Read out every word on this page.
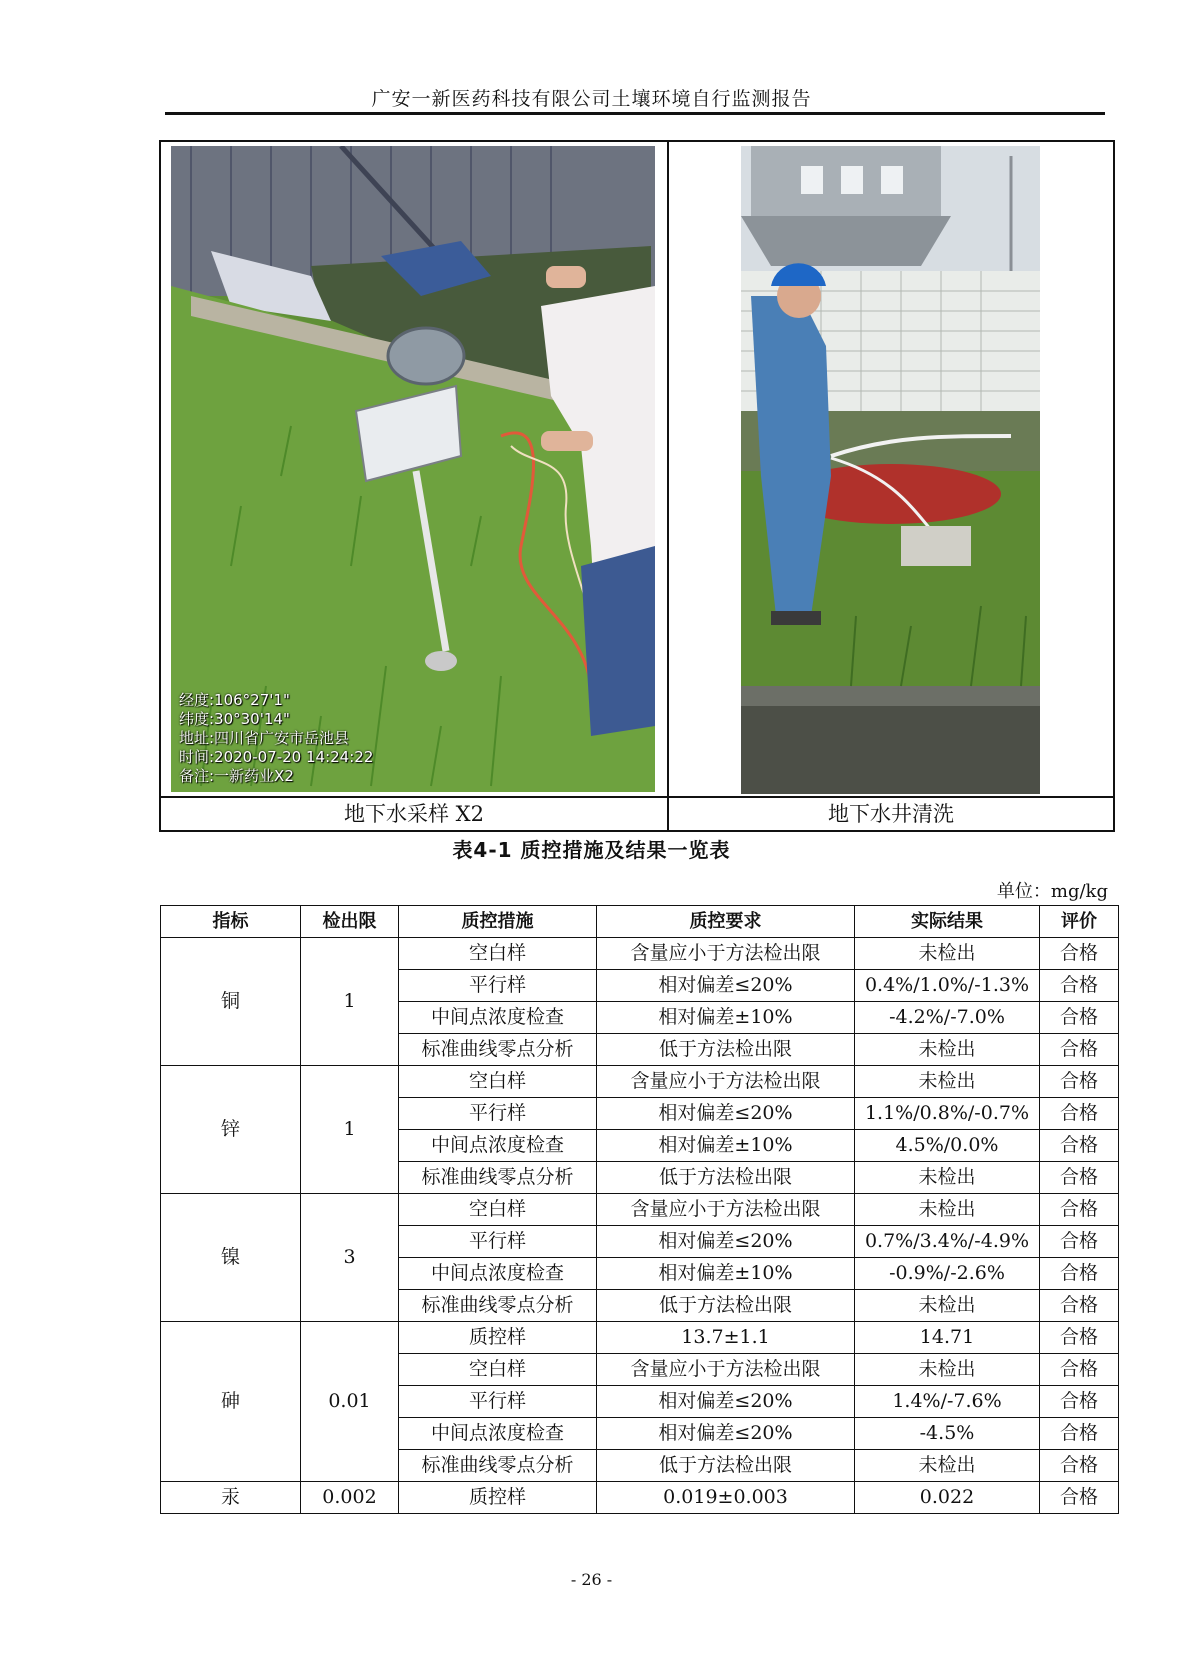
广安一新医药科技有限公司土壤环境自行监测报告
经度:106°27'1"
纬度:30°30'14"
地址:四川省广安市岳池县
时间:2020-07-20 14:24:22
备注:一新药业X2
地下水采样 X2	地下水井清洗
表4-1 质控措施及结果一览表
单位：mg/kg
指标	检出限	质控措施	质控要求	实际结果	评价
铜	1	空白样	含量应小于方法检出限	未检出	合格
		平行样	相对偏差≤20%	0.4%/1.0%/-1.3%	合格
		中间点浓度检查	相对偏差±10%	-4.2%/-7.0%	合格
		标准曲线零点分析	低于方法检出限	未检出	合格
锌	1	空白样	含量应小于方法检出限	未检出	合格
		平行样	相对偏差≤20%	1.1%/0.8%/-0.7%	合格
		中间点浓度检查	相对偏差±10%	4.5%/0.0%	合格
		标准曲线零点分析	低于方法检出限	未检出	合格
镍	3	空白样	含量应小于方法检出限	未检出	合格
		平行样	相对偏差≤20%	0.7%/3.4%/-4.9%	合格
		中间点浓度检查	相对偏差±10%	-0.9%/-2.6%	合格
		标准曲线零点分析	低于方法检出限	未检出	合格
砷	0.01	质控样	13.7±1.1	14.71	合格
		空白样	含量应小于方法检出限	未检出	合格
		平行样	相对偏差≤20%	1.4%/-7.6%	合格
		中间点浓度检查	相对偏差≤20%	-4.5%	合格
		标准曲线零点分析	低于方法检出限	未检出	合格
汞	0.002	质控样	0.019±0.003	0.022	合格
- 26 -
